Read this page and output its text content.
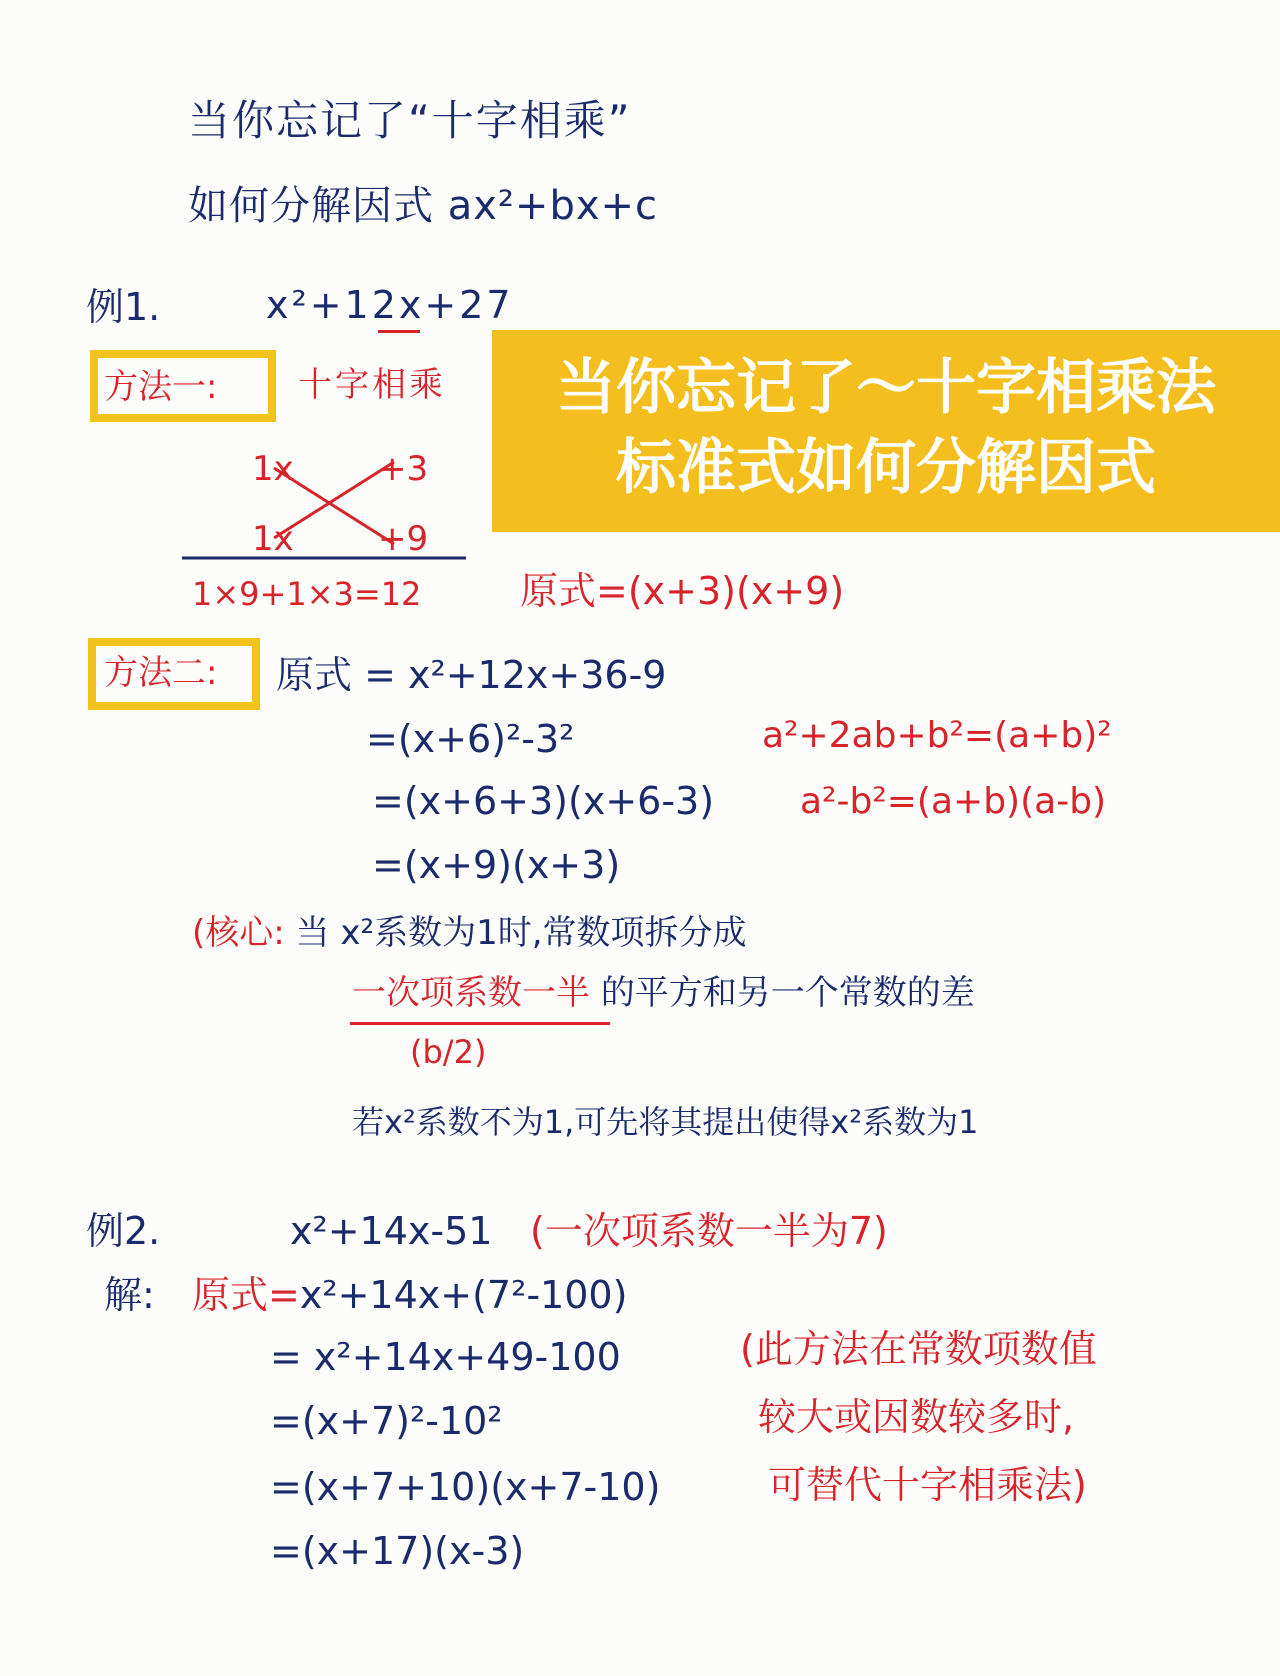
当你忘记了“十字相乘”
如何分解因式 ax²+bx+c
例1.	x²+12x+27
方法一: 十字相乘	当你忘记了～十字相乘法
标准式如何分解因式
1x +3
1x +9
1×9+1×3=12	原式=(x+3)(x+9)
方法二: 原式 = x²+12x+36-9
=(x+6)²-3²
=(x+6+3)(x+6-3)
=(x+9)(x+3)
a²+2ab+b²=(a+b)²
a²-b²=(a+b)(a-b)
(核心: 当 x²系数为1时,常数项拆分成
一次项系数一半 的平方和另一个常数的差
(b/2)
若x²系数不为1,可先将其提出使得x²系数为1
例2.	x²+14x-51 (一次项系数一半为7)
解: 原式=x²+14x+(7²-100)
= x²+14x+49-100
=(x+7)²-10²
=(x+7+10)(x+7-10)
=(x+17)(x-3)
(此方法在常数项数值
较大或因数较多时,
可替代十字相乘法)
